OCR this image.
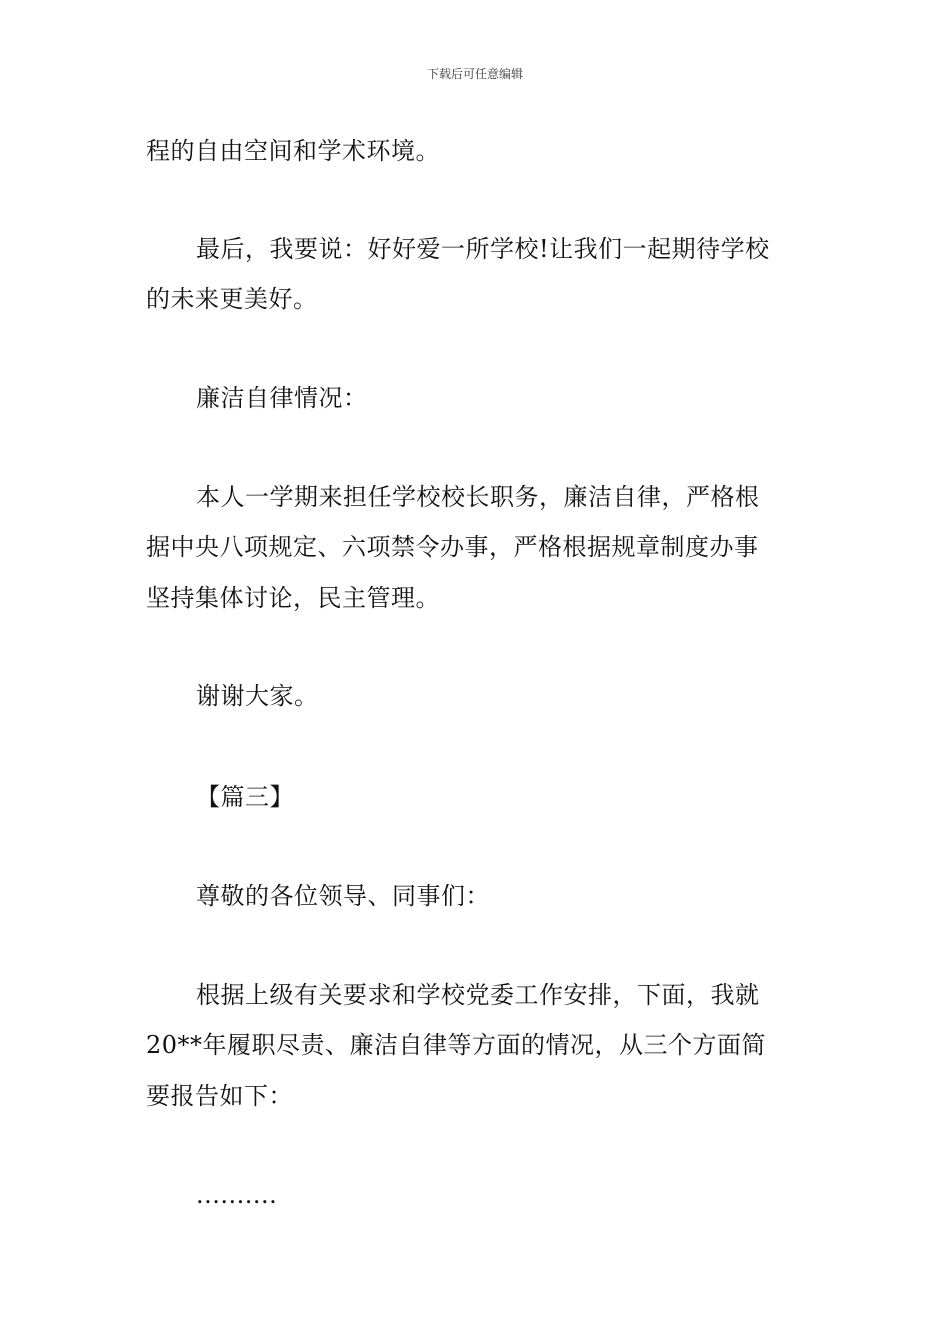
下载后可任意编辑
程的自由空间和学术环境。
最后，我要说：好好爱一所学校!让我们一起期待学校
的未来更美好。
廉洁自律情况：
本人一学期来担任学校校长职务，廉洁自律，严格根
据中央八项规定、六项禁令办事，严格根据规章制度办事
坚持集体讨论，民主管理。
谢谢大家。
【篇三】
尊敬的各位领导、同事们：
根据上级有关要求和学校党委工作安排，下面，我就
20**年履职尽责、廉洁自律等方面的情况，从三个方面简
要报告如下：
..........
